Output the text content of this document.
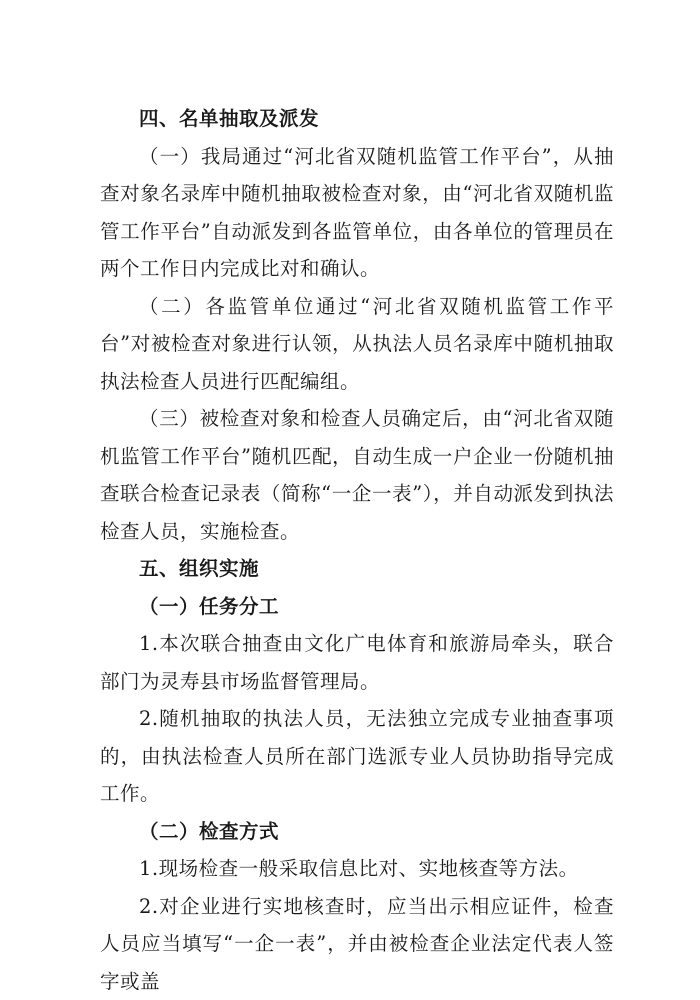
四、名单抽取及派发

（一）我局通过“河北省双随机监管工作平台”，从抽查对象名录库中随机抽取被检查对象，由“河北省双随机监管工作平台”自动派发到各监管单位，由各单位的管理员在两个工作日内完成比对和确认。

（二）各监管单位通过“河北省双随机监管工作平台”对被检查对象进行认领，从执法人员名录库中随机抽取执法检查人员进行匹配编组。

（三）被检查对象和检查人员确定后，由“河北省双随机监管工作平台”随机匹配，自动生成一户企业一份随机抽查联合检查记录表（简称“一企一表”），并自动派发到执法检查人员，实施检查。

五、组织实施

（一）任务分工

1.本次联合抽查由文化广电体育和旅游局牵头，联合部门为灵寿县市场监督管理局。

2.随机抽取的执法人员，无法独立完成专业抽查事项的，由执法检查人员所在部门选派专业人员协助指导完成工作。

（二）检查方式

1.现场检查一般采取信息比对、实地核查等方法。

2.对企业进行实地核查时，应当出示相应证件，检查人员应当填写“一企一表”，并由被检查企业法定代表人签字或盖
